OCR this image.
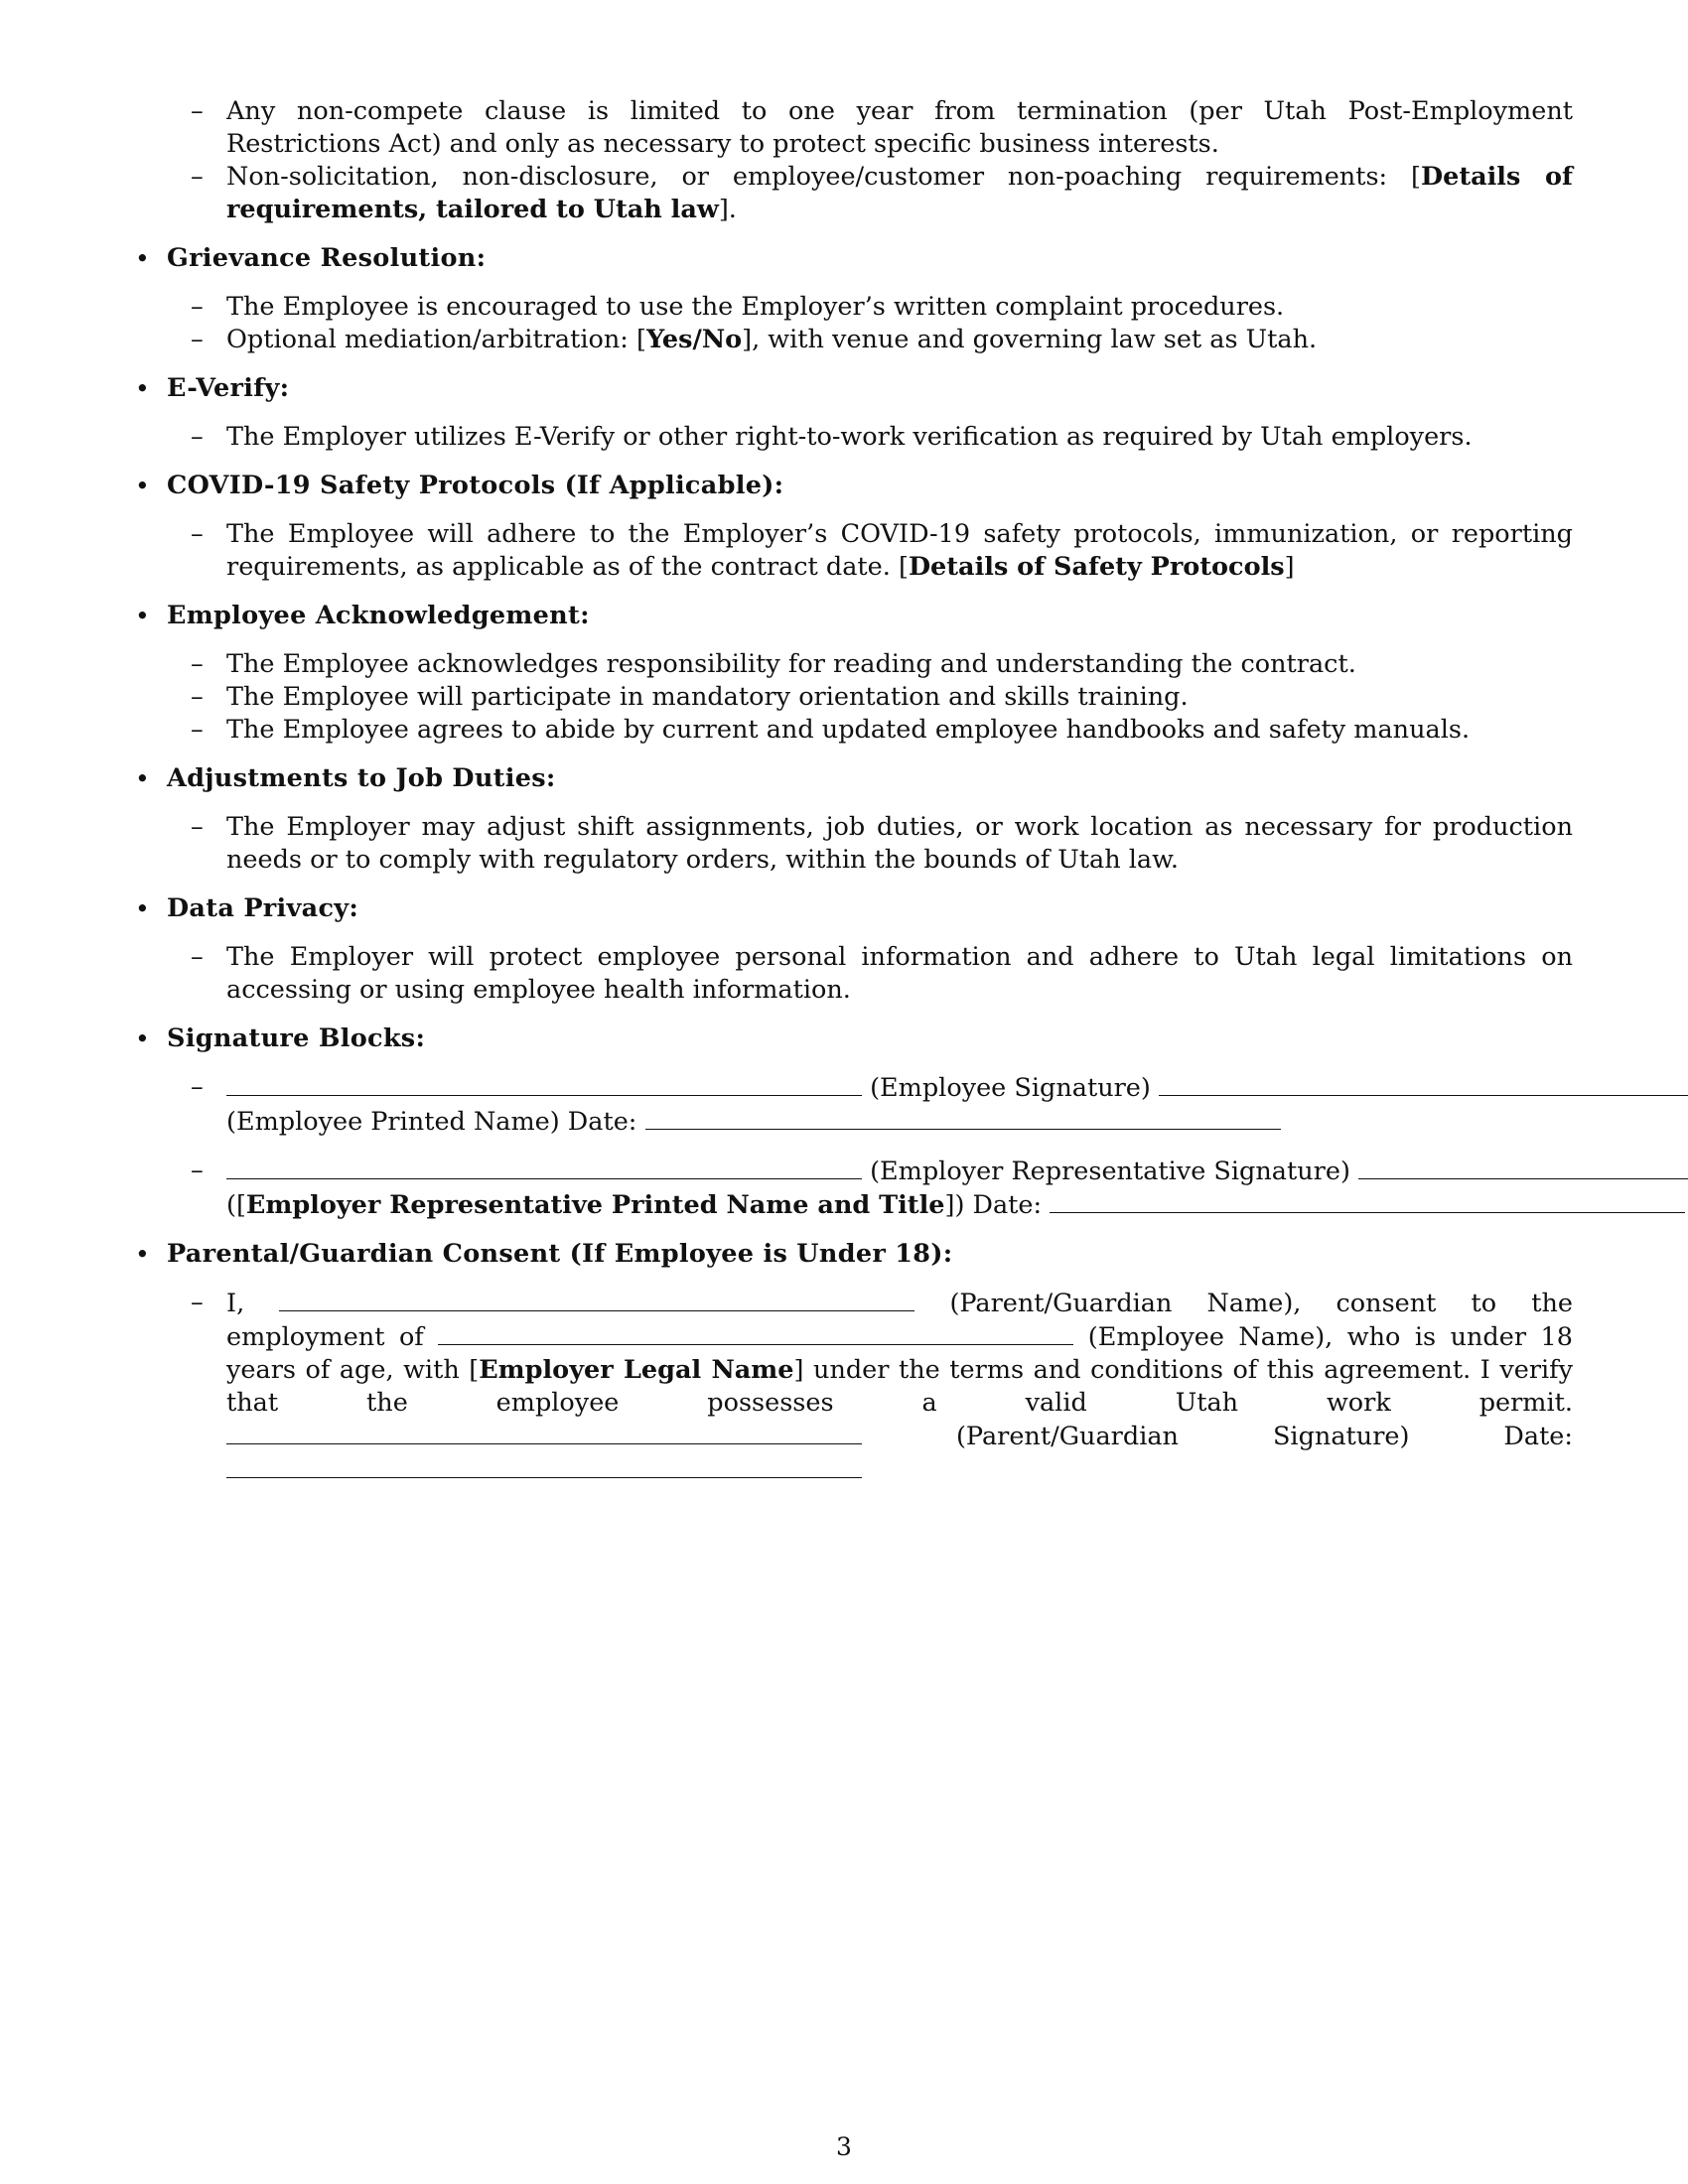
– Any non-compete clause is limited to one year from termination (per Utah Post-Employment Restrictions Act) and only as necessary to protect specific business interests.
– Non-solicitation, non-disclosure, or employee/customer non-poaching requirements: [Details of requirements, tailored to Utah law].
• Grievance Resolution:
– The Employee is encouraged to use the Employer’s written complaint procedures.
– Optional mediation/arbitration: [Yes/No], with venue and governing law set as Utah.
• E-Verify:
– The Employer utilizes E-Verify or other right-to-work verification as required by Utah employers.
• COVID-19 Safety Protocols (If Applicable):
– The Employee will adhere to the Employer’s COVID-19 safety protocols, immunization, or reporting requirements, as applicable as of the contract date. [Details of Safety Protocols]
• Employee Acknowledgement:
– The Employee acknowledges responsibility for reading and understanding the contract.
– The Employee will participate in mandatory orientation and skills training.
– The Employee agrees to abide by current and updated employee handbooks and safety manuals.
• Adjustments to Job Duties:
– The Employer may adjust shift assignments, job duties, or work location as necessary for production needs or to comply with regulatory orders, within the bounds of Utah law.
• Data Privacy:
– The Employer will protect employee personal information and adhere to Utah legal limitations on accessing or using employee health information.
• Signature Blocks:
–	(Employee Signature)
(Employee Printed Name) Date:
–	(Employer Representative Signature)
([Employer Representative Printed Name and Title]) Date:
• Parental/Guardian Consent (If Employee is Under 18):
– I,	(Parent/Guardian Name), consent to the employment of	(Employee Name), who is under 18 years of age, with [Employer Legal Name] under the terms and conditions of this agreement. I verify that the employee possesses a valid Utah work permit.  (Parent/Guardian Signature) Date:
3
